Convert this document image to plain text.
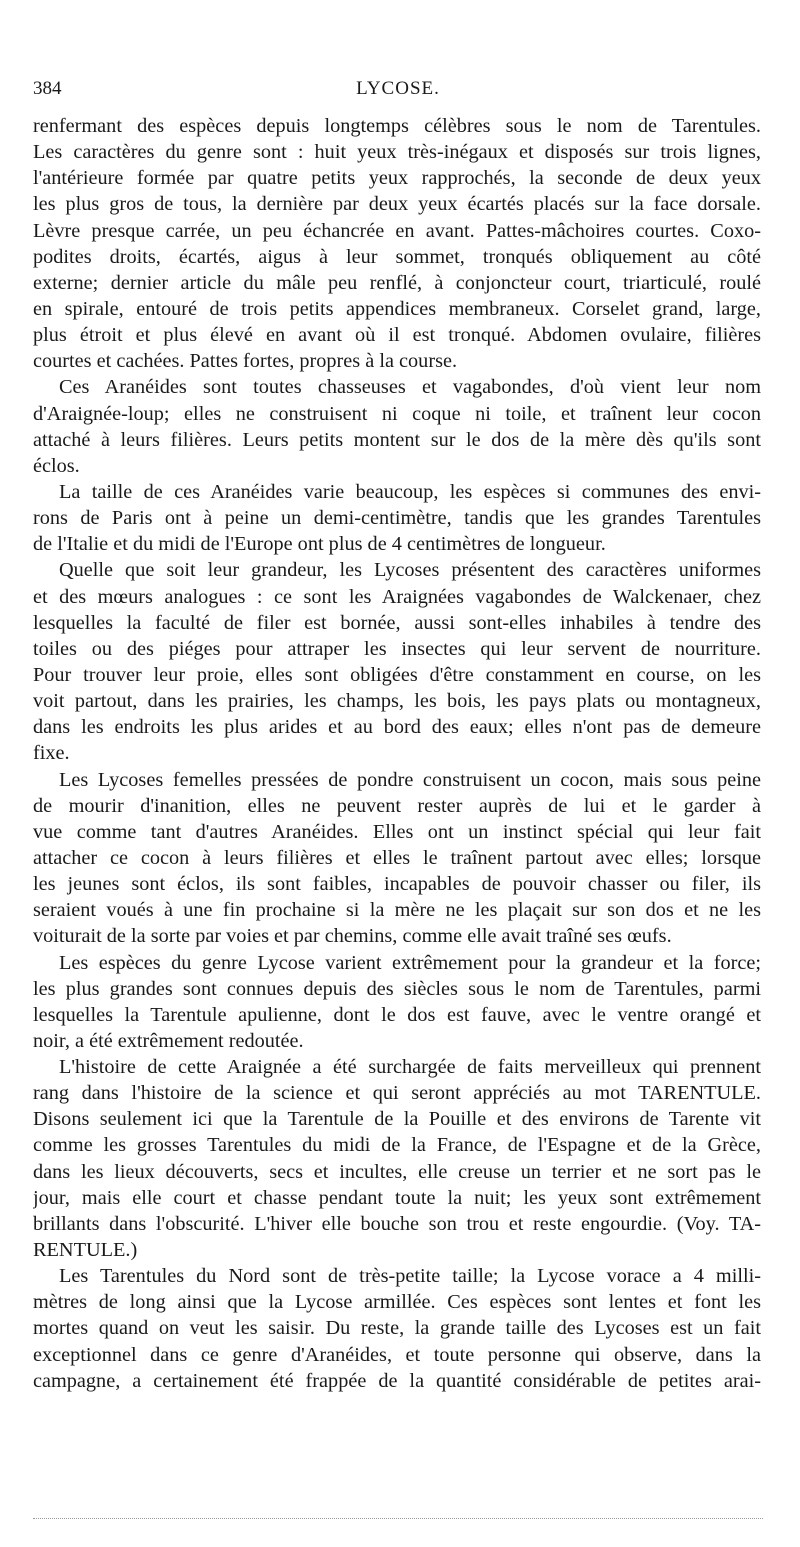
384	LYCOSE.
renfermant des espèces depuis longtemps célèbres sous le nom de Tarentules.
Les caractères du genre sont : huit yeux très-inégaux et disposés sur trois lignes,
l'antérieure formée par quatre petits yeux rapprochés, la seconde de deux yeux
les plus gros de tous, la dernière par deux yeux écartés placés sur la face dorsale.
Lèvre presque carrée, un peu échancrée en avant. Pattes-mâchoires courtes. Coxo-
podites droits, écartés, aigus à leur sommet, tronqués obliquement au côté
externe; dernier article du mâle peu renflé, à conjoncteur court, triarticulé, roulé
en spirale, entouré de trois petits appendices membraneux. Corselet grand, large,
plus étroit et plus élevé en avant où il est tronqué. Abdomen ovulaire, filières
courtes et cachées. Pattes fortes, propres à la course.
Ces Aranéides sont toutes chasseuses et vagabondes, d'où vient leur nom
d'Araignée-loup; elles ne construisent ni coque ni toile, et traînent leur cocon
attaché à leurs filières. Leurs petits montent sur le dos de la mère dès qu'ils sont
éclos.
La taille de ces Aranéides varie beaucoup, les espèces si communes des envi-
rons de Paris ont à peine un demi-centimètre, tandis que les grandes Tarentules
de l'Italie et du midi de l'Europe ont plus de 4 centimètres de longueur.
Quelle que soit leur grandeur, les Lycoses présentent des caractères uniformes
et des mœurs analogues : ce sont les Araignées vagabondes de Walckenaer, chez
lesquelles la faculté de filer est bornée, aussi sont-elles inhabiles à tendre des
toiles ou des piéges pour attraper les insectes qui leur servent de nourriture.
Pour trouver leur proie, elles sont obligées d'être constamment en course, on les
voit partout, dans les prairies, les champs, les bois, les pays plats ou montagneux,
dans les endroits les plus arides et au bord des eaux; elles n'ont pas de demeure
fixe.
Les Lycoses femelles pressées de pondre construisent un cocon, mais sous peine
de mourir d'inanition, elles ne peuvent rester auprès de lui et le garder à
vue comme tant d'autres Aranéides. Elles ont un instinct spécial qui leur fait
attacher ce cocon à leurs filières et elles le traînent partout avec elles; lorsque
les jeunes sont éclos, ils sont faibles, incapables de pouvoir chasser ou filer, ils
seraient voués à une fin prochaine si la mère ne les plaçait sur son dos et ne les
voiturait de la sorte par voies et par chemins, comme elle avait traîné ses œufs.
Les espèces du genre Lycose varient extrêmement pour la grandeur et la force;
les plus grandes sont connues depuis des siècles sous le nom de Tarentules, parmi
lesquelles la Tarentule apulienne, dont le dos est fauve, avec le ventre orangé et
noir, a été extrêmement redoutée.
L'histoire de cette Araignée a été surchargée de faits merveilleux qui prennent
rang dans l'histoire de la science et qui seront appréciés au mot TARENTULE.
Disons seulement ici que la Tarentule de la Pouille et des environs de Tarente vit
comme les grosses Tarentules du midi de la France, de l'Espagne et de la Grèce,
dans les lieux découverts, secs et incultes, elle creuse un terrier et ne sort pas le
jour, mais elle court et chasse pendant toute la nuit; les yeux sont extrêmement
brillants dans l'obscurité. L'hiver elle bouche son trou et reste engourdie. (Voy. TA-
RENTULE.)
Les Tarentules du Nord sont de très-petite taille; la Lycose vorace a 4 milli-
mètres de long ainsi que la Lycose armillée. Ces espèces sont lentes et font les
mortes quand on veut les saisir. Du reste, la grande taille des Lycoses est un fait
exceptionnel dans ce genre d'Aranéides, et toute personne qui observe, dans la
campagne, a certainement été frappée de la quantité considérable de petites arai-
